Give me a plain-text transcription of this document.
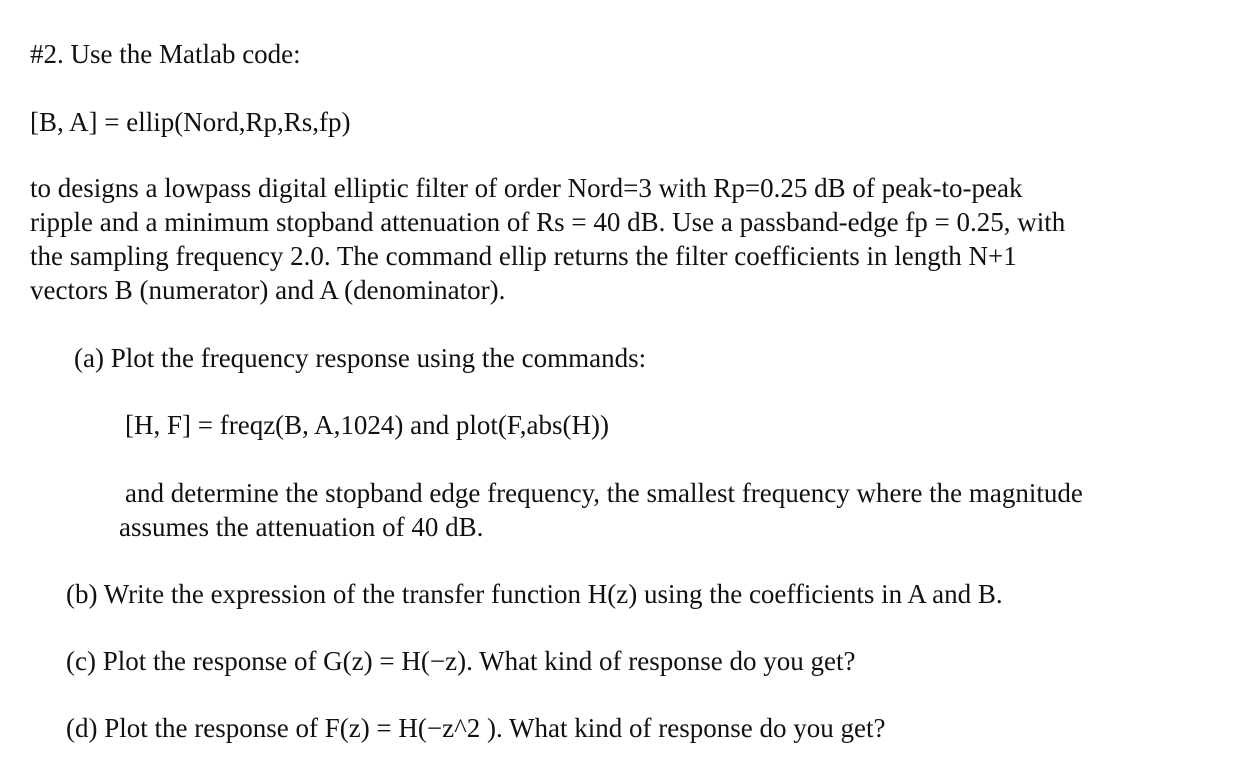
#2. Use the Matlab code:
[B, A] = ellip(Nord,Rp,Rs,fp)
to designs a lowpass digital elliptic filter of order Nord=3 with Rp=0.25 dB of peak-to-peak
ripple and a minimum stopband attenuation of Rs = 40 dB. Use a passband-edge fp = 0.25, with
the sampling frequency 2.0. The command ellip returns the filter coefficients in length N+1
vectors B (numerator) and A (denominator).
(a) Plot the frequency response using the commands:
[H, F] = freqz(B, A,1024) and plot(F,abs(H))
and determine the stopband edge frequency, the smallest frequency where the magnitude
assumes the attenuation of 40 dB.
(b) Write the expression of the transfer function H(z) using the coefficients in A and B.
(c) Plot the response of G(z) = H(−z). What kind of response do you get?
(d) Plot the response of F(z) = H(−z^2 ). What kind of response do you get?
